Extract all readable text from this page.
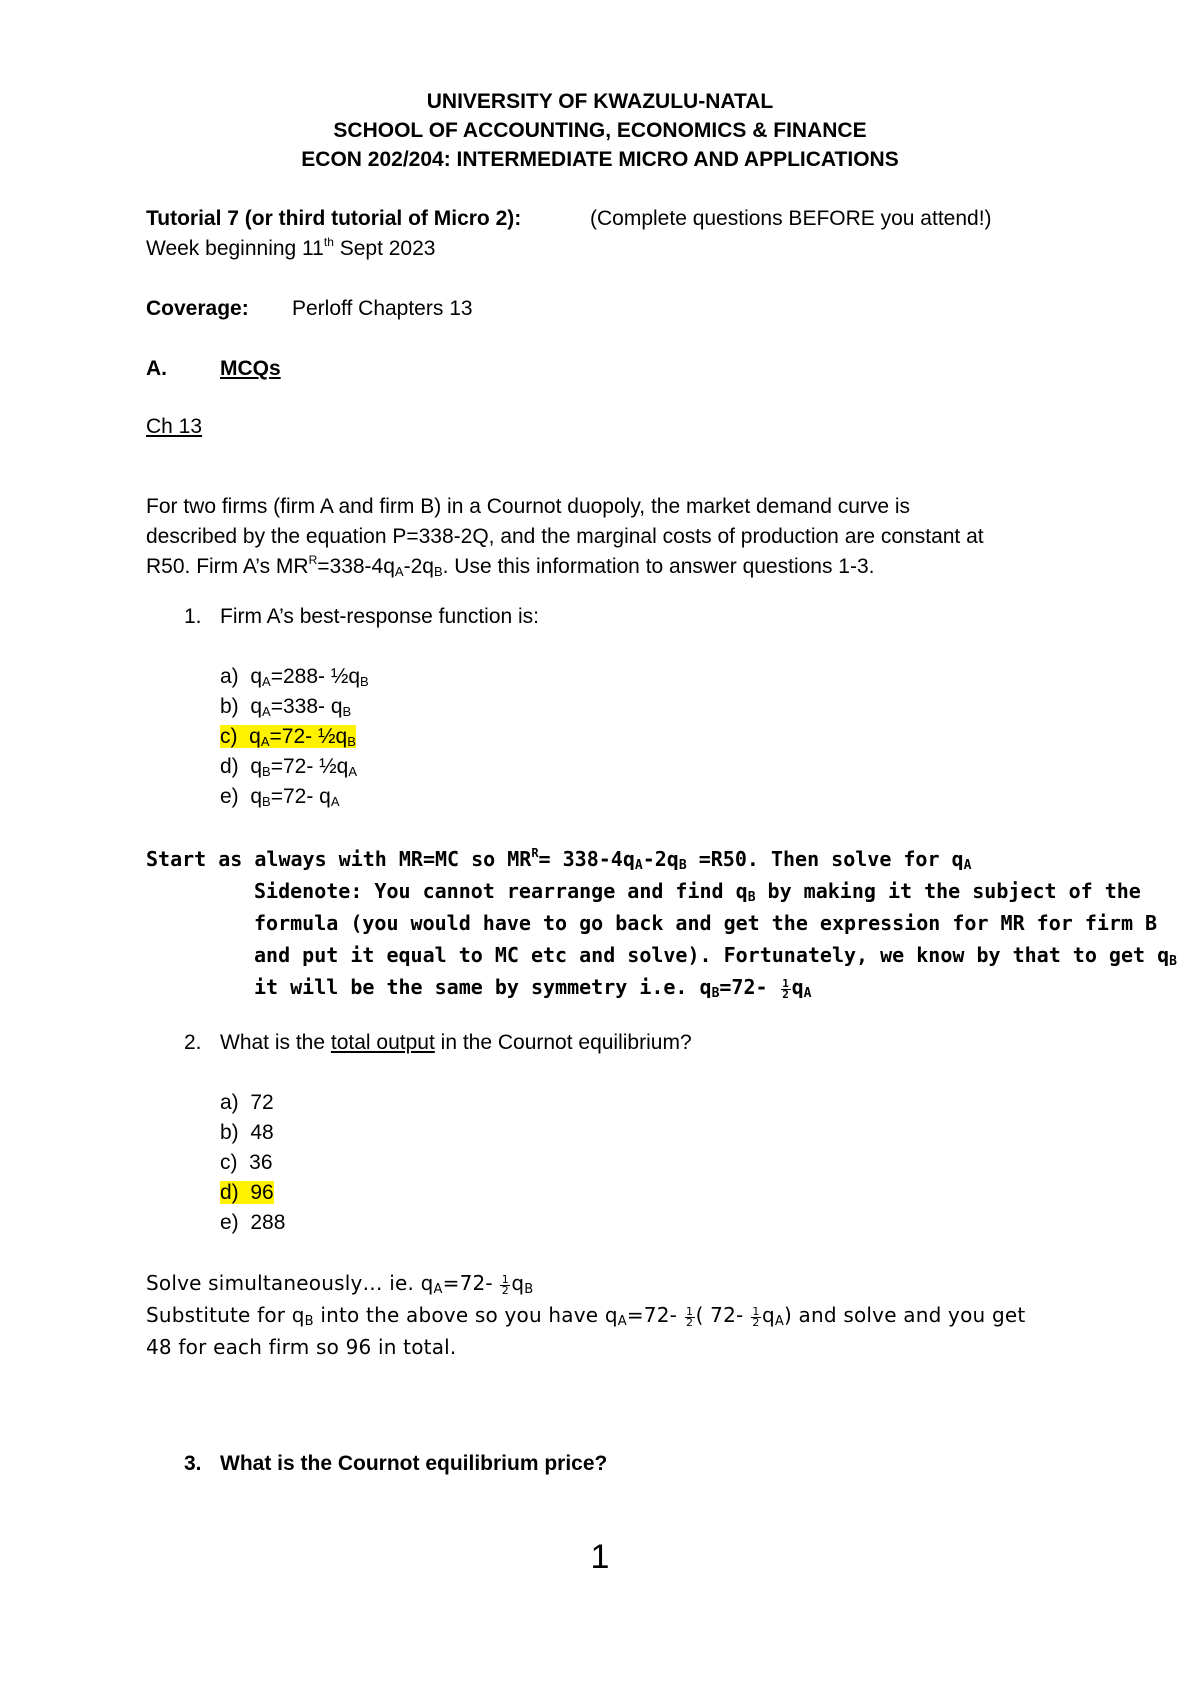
UNIVERSITY OF KWAZULU-NATAL
SCHOOL OF ACCOUNTING, ECONOMICS & FINANCE
ECON 202/204: INTERMEDIATE MICRO AND APPLICATIONS
Tutorial 7 (or third tutorial of Micro 2):	(Complete questions BEFORE you attend!)
Week beginning 11th Sept 2023
Coverage: Perloff Chapters 13
A.	MCQs
Ch 13
For two firms (firm A and firm B) in a Cournot duopoly, the market demand curve is
described by the equation P=338-2Q, and the marginal costs of production are constant at
R50. Firm A’s $MR^R=338-4q_A-2q_B$. Use this information to answer questions 1-3.
1. Firm A’s best-response function is:
a) $q_A=288-$ $\frac{1}{2}q_B$
b) $q_A=338-$ $q_B$
c) $q_A=72-$ $\frac{1}{2}q_B$
d) $q_B=72-$ $\frac{1}{2}q_A$
e) $q_B=72-$ $q_A$
Start as always with MR=MC so $MR^R= 338-4q_A-2q_B =R50$. Then solve for $q_A$
Sidenote: You cannot rearrange and find $q_B$ by making it the subject of the
formula (you would have to go back and get the expression for MR for firm B
and put it equal to MC etc and solve). Fortunately, we know by that to get $q_B$
it will be the same by symmetry i.e. $q_B=72- \frac{1}{2} q_A$
2. What is the total output in the Cournot equilibrium?
a) 72
b) 48
c) 36
d) 96
e) 288
Solve simultaneously… ie. $q_A=72- \frac{1}{2} q_B$
Substitute for $q_B$ into the above so you have $q_A=72- \frac{1}{2}$ ( $72- \frac{1}{2} q_A$) and solve and you get
48 for each firm so 96 in total.
3. What is the Cournot equilibrium price?
1
